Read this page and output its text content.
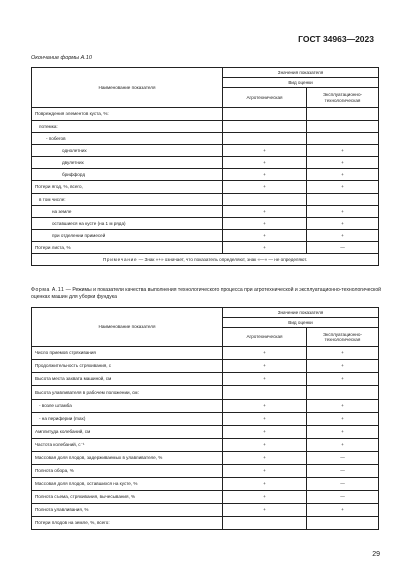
ГОСТ 34963—2023
Окончание формы А.10
Наименование показателя	Значения показателя	
	Вид оценки	
	Агротехническая	Эксплуатационно-технологическая
Повреждения элементов куста, %:		
потемка:		
- побегов		
однолетних	+	+
двулетних	+	+
бриффорд	+	+
Потери ягод, %, всего,	+	+
в том числе:		
на земле	+	+
оставшиеся на кусте (на 1 м ряда)	+	+
при отделении примесей	+	+
Потери листа, %	+	—
Примечание — Знак «+» означает, что показатель определяют, знак «—» — не определяют.		
Форма А.11 — Режимы и показатели качества выполнения технологического процесса при агротехнической и эксплуатационно-технологической оценках машин для уборки фундука
Наименование показателя	Значение показателя	
	Вид оценки	
	Агротехническая	Эксплуатационно-технологическая
Число приемов стряхивания	+	+
Продолжительность стряхивания, с	+	+
Высота места захвата машиной, см	+	+
Высота улавливателя в рабочем положении, см:		
- возле штамба	+	+
- на периферии (max)	+	+
Амплитуда колебаний, см	+	+
Частота колебаний, с⁻¹	+	+
Массовая доля плодов, задерживаемых в улавливателе, %	+	—
Полнота обора, %	+	—
Массовая доля плодов, оставшихся на кусте, %	+	—
Полнота съема, стряхивания, вычесывания, %	+	—
Полнота улавливания, %	+	+
Потери плодов на земле, %, всего:		
29
